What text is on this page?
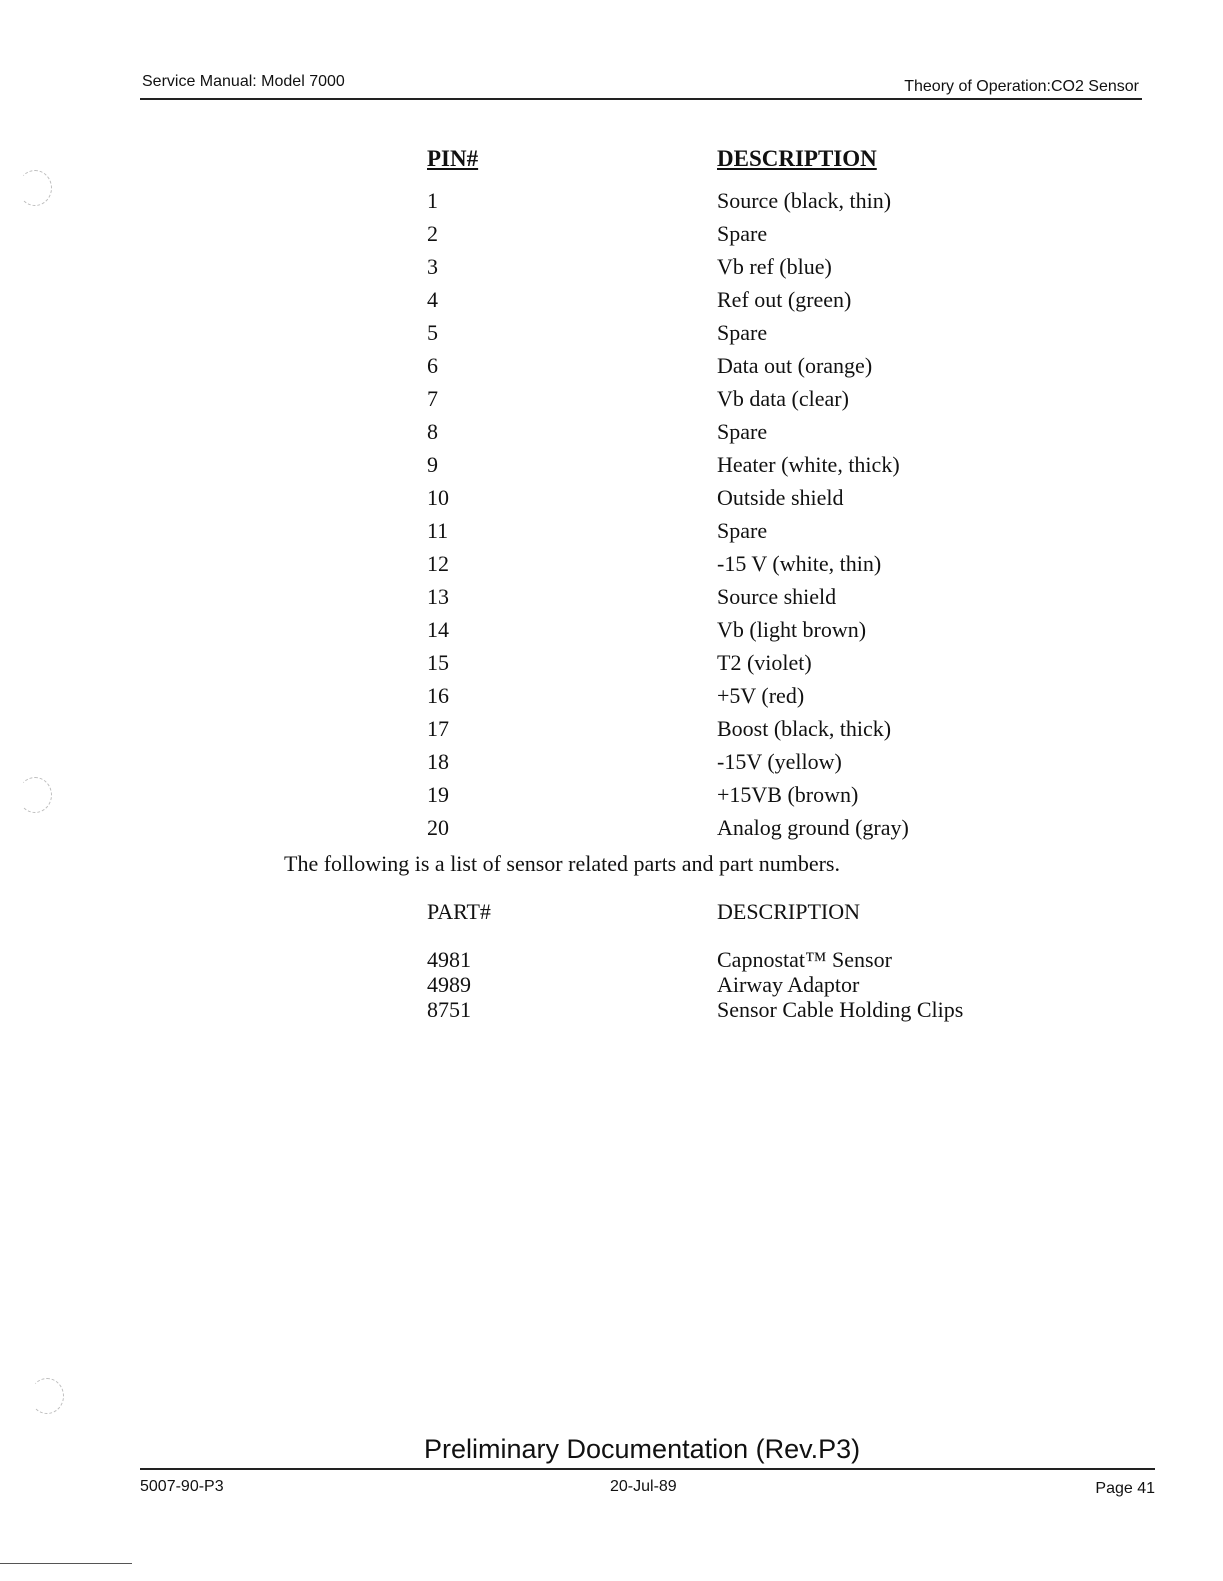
Service Manual: Model 7000	Theory of Operation:CO2 Sensor
PIN#	DESCRIPTION
1	Source (black, thin)
2	Spare
3	Vb ref (blue)
4	Ref out (green)
5	Spare
6	Data out (orange)
7	Vb data (clear)
8	Spare
9	Heater (white, thick)
10	Outside shield
11	Spare
12	-15 V (white, thin)
13	Source shield
14	Vb (light brown)
15	T2 (violet)
16	+5V (red)
17	Boost (black, thick)
18	-15V (yellow)
19	+15VB (brown)
20	Analog ground (gray)
The following is a list of sensor related parts and part numbers.
PART#	DESCRIPTION
4981	Capnostat™ Sensor
4989	Airway Adaptor
8751	Sensor Cable Holding Clips
Preliminary Documentation (Rev.P3)
5007-90-P3	20-Jul-89	Page 41
